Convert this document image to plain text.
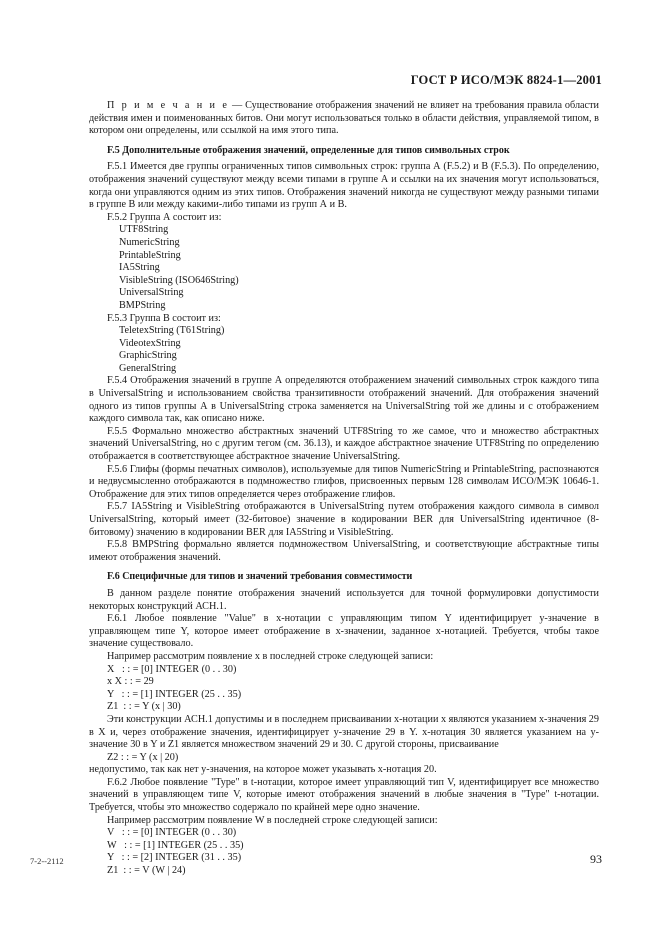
ГОСТ Р ИСО/МЭК 8824-1—2001

П р и м е ч а н и е — Существование отображения значений не влияет на требования правила области действия имен и поименованных битов. Они могут использоваться только в области действия, управляемой типом, в котором они определены, или ссылкой на имя этого типа.

F.5 Дополнительные отображения значений, определенные для типов символьных строк

F.5.1 Имеется две группы ограниченных типов символьных строк: группа А (F.5.2) и В (F.5.3). По определению, отображения значений существуют между всеми типами в группе А и ссылки на их значения могут использоваться, когда они управляются одним из этих типов. Отображения значений никогда не существуют между разными типами в группе В или между какими-либо типами из групп А и В.

F.5.2 Группа А состоит из:

UTF8String

NumericString

PrintableString

IA5String

VisibleString (ISO646String)

UniversalString

BMPString

F.5.3 Группа В состоит из:

TeletexString (T61String)

VideotexString

GraphicString

GeneralString

F.5.4 Отображения значений в группе А определяются отображением значений символьных строк каждого типа в UniversalString и использованием свойства транзитивности отображений значений. Для отображения значений одного из типов группы А в UniversalString строка заменяется на UniversalString той же длины и с отображением каждого символа так, как описано ниже.

F.5.5 Формально множество абстрактных значений UTF8String то же самое, что и множество абстрактных значений UniversalString, но с другим тегом (см. 36.13), и каждое абстрактное значение UTF8String по определению отображается в соответствующее абстрактное значение UniversalString.

F.5.6 Глифы (формы печатных символов), используемые для типов NumericString и PrintableString, распознаются и недвусмысленно отображаются в подмножество глифов, присвоенных первым 128 символам ИСО/МЭК 10646-1. Отображение для этих типов определяется через отображение глифов.

F.5.7 IA5String и VisibleString отображаются в UniversalString путем отображения каждого символа в символ UniversalString, который имеет (32-битовое) значение в кодировании BER для UniversalString идентичное (8-битовому) значению в кодировании BER для IA5String и VisibleString.

F.5.8 BMPString формально является подмножеством UniversalString, и соответствующие абстрактные типы имеют отображения значений.

F.6 Специфичные для типов и значений требования совместимости

В данном разделе понятие отображения значений используется для точной формулировки допустимости некоторых конструкций АСН.1.

F.6.1 Любое появление "Value" в x-нотации с управляющим типом Y идентифицирует y-значение в управляющем типе Y, которое имеет отображение в x-значении, заданное x-нотацией. Требуется, чтобы такое значение существовало.

Например рассмотрим появление x в последней строке следующей записи:

X   : : = [0] INTEGER (0 . . 30)

x X : : = 29

Y   : : = [1] INTEGER (25 . . 35)

Z1  : : = Y (x | 30)

Эти конструкции АСН.1 допустимы и в последнем присваивании x-нотации x являются указанием x-значения 29 в X и, через отображение значения, идентифицирует y-значение 29 в Y. x-нотация 30 является указанием на y-значение 30 в Y и Z1 является множеством значений 29 и 30. С другой стороны, присваивание

Z2 : : = Y (x | 20)

недопустимо, так как нет y-значения, на которое может указывать x-нотация 20.

F.6.2 Любое появление "Type" в t-нотации, которое имеет управляющий тип V, идентифицирует все множество значений в управляющем типе V, которые имеют отображения значений в любые значения в "Type" t-нотации. Требуется, чтобы это множество содержало по крайней мере одно значение.

Например рассмотрим появление W в последней строке следующей записи:

V   : : = [0] INTEGER (0 . . 30)

W   : : = [1] INTEGER (25 . . 35)

Y   : : = [2] INTEGER (31 . . 35)

Z1  : : = V (W | 24)

7-2--2112	93
